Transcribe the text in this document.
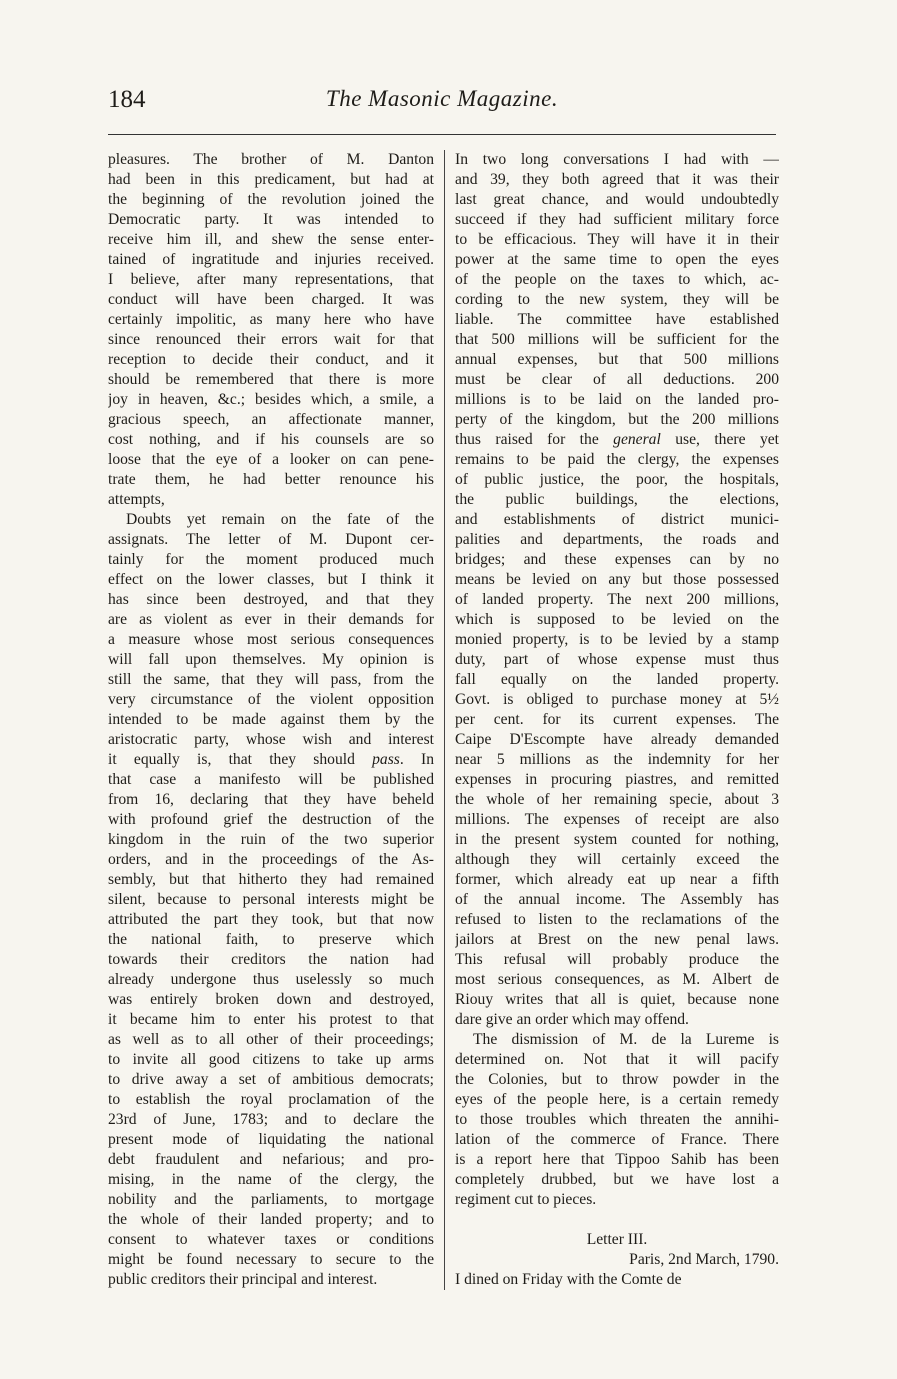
184	The Masonic Magazine.
pleasures. The brother of M. Danton
had been in this predicament, but had at
the beginning of the revolution joined the
Democratic party. It was intended to
receive him ill, and shew the sense enter-
tained of ingratitude and injuries received.
I believe, after many representations, that
conduct will have been charged. It was
certainly impolitic, as many here who have
since renounced their errors wait for that
reception to decide their conduct, and it
should be remembered that there is more
joy in heaven, &c.; besides which, a smile, a
gracious speech, an affectionate manner,
cost nothing, and if his counsels are so
loose that the eye of a looker on can pene-
trate them, he had better renounce his
attempts,
Doubts yet remain on the fate of the
assignats. The letter of M. Dupont cer-
tainly for the moment produced much
effect on the lower classes, but I think it
has since been destroyed, and that they
are as violent as ever in their demands for
a measure whose most serious consequences
will fall upon themselves. My opinion is
still the same, that they will pass, from the
very circumstance of the violent opposition
intended to be made against them by the
aristocratic party, whose wish and interest
it equally is, that they should pass. In
that case a manifesto will be published
from 16, declaring that they have beheld
with profound grief the destruction of the
kingdom in the ruin of the two superior
orders, and in the proceedings of the As-
sembly, but that hitherto they had remained
silent, because to personal interests might be
attributed the part they took, but that now
the national faith, to preserve which
towards their creditors the nation had
already undergone thus uselessly so much
was entirely broken down and destroyed,
it became him to enter his protest to that
as well as to all other of their proceedings;
to invite all good citizens to take up arms
to drive away a set of ambitious democrats;
to establish the royal proclamation of the
23rd of June, 1783; and to declare the
present mode of liquidating the national
debt fraudulent and nefarious; and pro-
mising, in the name of the clergy, the
nobility and the parliaments, to mortgage
the whole of their landed property; and to
consent to whatever taxes or conditions
might be found necessary to secure to the
public creditors their principal and interest.
In two long conversations I had with —
and 39, they both agreed that it was their
last great chance, and would undoubtedly
succeed if they had sufficient military force
to be efficacious. They will have it in their
power at the same time to open the eyes
of the people on the taxes to which, ac-
cording to the new system, they will be
liable. The committee have established
that 500 millions will be sufficient for the
annual expenses, but that 500 millions
must be clear of all deductions. 200
millions is to be laid on the landed pro-
perty of the kingdom, but the 200 millions
thus raised for the general use, there yet
remains to be paid the clergy, the expenses
of public justice, the poor, the hospitals,
the public buildings, the elections,
and establishments of district munici-
palities and departments, the roads and
bridges; and these expenses can by no
means be levied on any but those possessed
of landed property. The next 200 millions,
which is supposed to be levied on the
monied property, is to be levied by a stamp
duty, part of whose expense must thus
fall equally on the landed property.
Govt. is obliged to purchase money at 5½
per cent. for its current expenses. The
Caipe D'Escompte have already demanded
near 5 millions as the indemnity for her
expenses in procuring piastres, and remitted
the whole of her remaining specie, about 3
millions. The expenses of receipt are also
in the present system counted for nothing,
although they will certainly exceed the
former, which already eat up near a fifth
of the annual income. The Assembly has
refused to listen to the reclamations of the
jailors at Brest on the new penal laws.
This refusal will probably produce the
most serious consequences, as M. Albert de
Riouy writes that all is quiet, because none
dare give an order which may offend.
The dismission of M. de la Lureme is
determined on. Not that it will pacify
the Colonies, but to throw powder in the
eyes of the people here, is a certain remedy
to those troubles which threaten the annihi-
lation of the commerce of France. There
is a report here that Tippoo Sahib has been
completely drubbed, but we have lost a
regiment cut to pieces.

Letter III.
Paris, 2nd March, 1790.
I dined on Friday with the Comte de
